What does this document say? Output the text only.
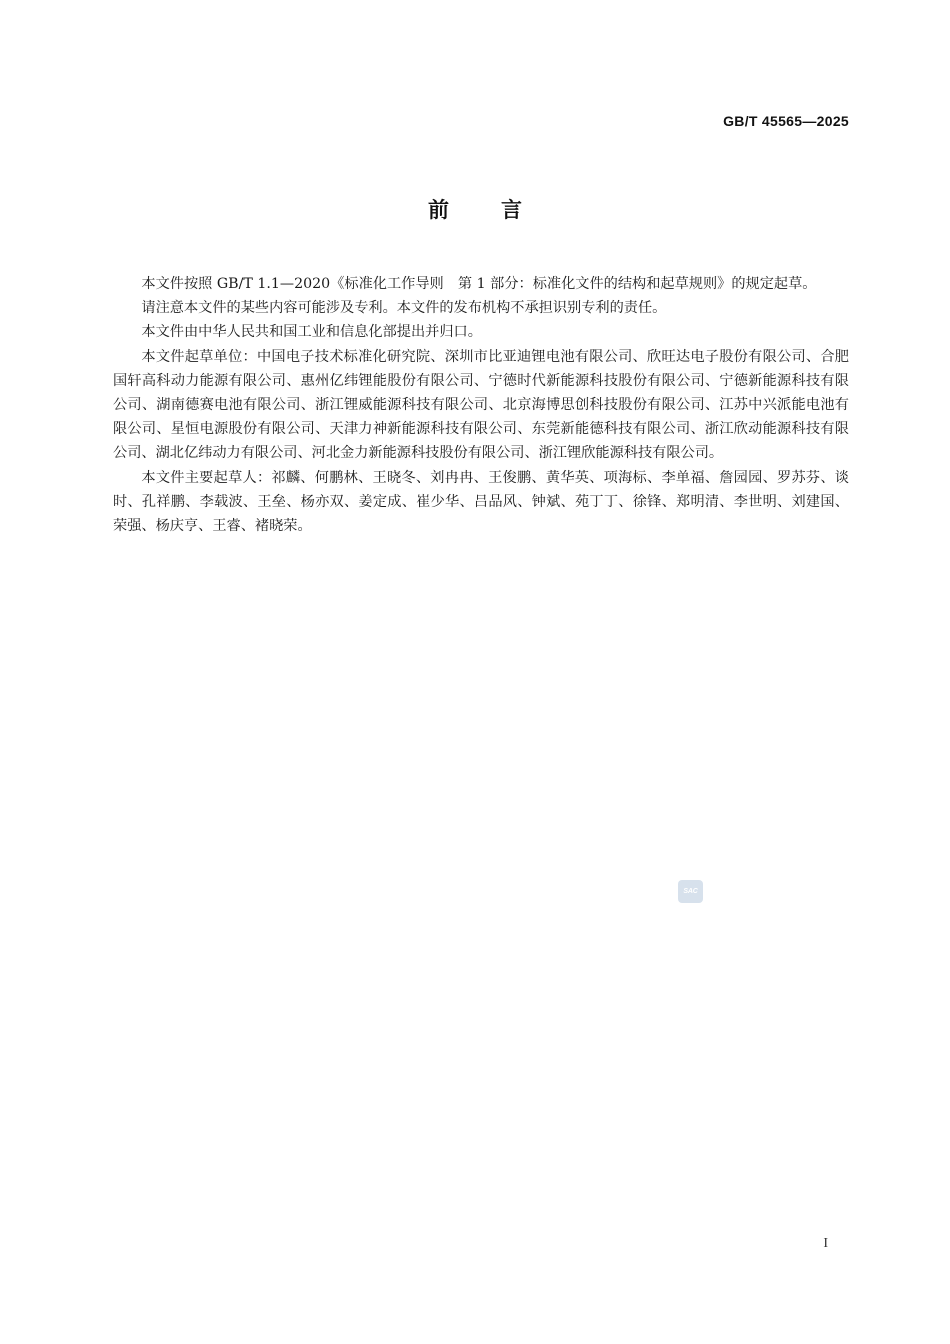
GB/T 45565—2025
前言

本文件按照 GB/T 1.1—2020《标准化工作导则　第 1 部分：标准化文件的结构和起草规则》的规定起草。

请注意本文件的某些内容可能涉及专利。本文件的发布机构不承担识别专利的责任。

本文件由中华人民共和国工业和信息化部提出并归口。

本文件起草单位：中国电子技术标准化研究院、深圳市比亚迪锂电池有限公司、欣旺达电子股份有限公司、合肥国轩高科动力能源有限公司、惠州亿纬锂能股份有限公司、宁德时代新能源科技股份有限公司、宁德新能源科技有限公司、湖南德赛电池有限公司、浙江锂威能源科技有限公司、北京海博思创科技股份有限公司、江苏中兴派能电池有限公司、星恒电源股份有限公司、天津力神新能源科技有限公司、东莞新能德科技有限公司、浙江欣动能源科技有限公司、湖北亿纬动力有限公司、河北金力新能源科技股份有限公司、浙江锂欣能源科技有限公司。

本文件主要起草人：祁麟、何鹏林、王晓冬、刘冉冉、王俊鹏、黄华英、项海标、李单福、詹园园、罗苏芬、谈时、孔祥鹏、李载波、王垒、杨亦双、姜定成、崔少华、吕品风、钟斌、苑丁丁、徐锋、郑明清、李世明、刘建国、荣强、杨庆亨、王睿、褚晓荣。

SAC
I
